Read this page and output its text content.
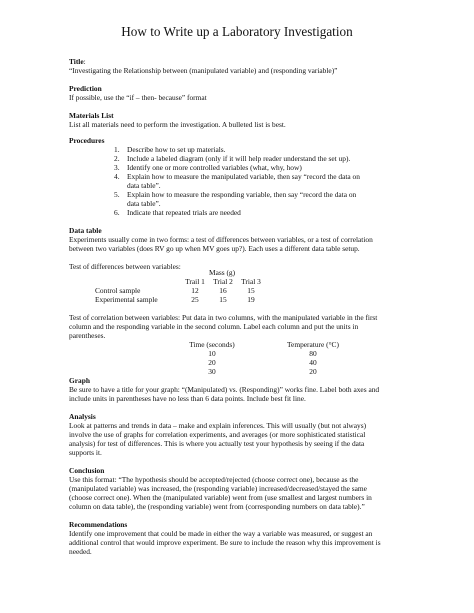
How to Write up a Laboratory Investigation
Title:
“Investigating the Relationship between (manipulated variable) and (responding variable)”
Prediction
If possible, use the “if – then- because” format
Materials List
List all materials need to perform the investigation. A bulleted list is best.
Procedures
1. Describe how to set up materials.
2. Include a labeled diagram (only if it will help reader understand the set up).
3. Identify one or more controlled variables (what, why, how)
4. Explain how to measure the manipulated variable, then say “record the data on
data table”.
5. Explain how to measure the responding variable, then say “record the data on
data table”.
6. Indicate that repeated trials are needed
Data table
Experiments usually come in two forms: a test of differences between variables, or a test of correlation
between two variables (does RV go up when MV goes up?). Each uses a different data table setup.
Test of differences between variables:
Mass (g)
	Trail 1	Trial 2	Trial 3
Control sample	12	16	15
Experimental sample	25	15	19
Test of correlation between variables: Put data in two columns, with the manipulated variable in the first
column and the responding variable in the second column. Label each column and put the units in
parentheses.
Time (seconds)		Temperature (°C)
10		80
20		40
30		20
Graph
Be sure to have a title for your graph: “(Manipulated) vs. (Responding)” works fine. Label both axes and
include units in parentheses have no less than 6 data points. Include best fit line.
Analysis
Look at patterns and trends in data – make and explain inferences. This will usually (but not always)
involve the use of graphs for correlation experiments, and averages (or more sophisticated statistical
analysis) for test of differences. This is where you actually test your hypothesis by seeing if the data
supports it.
Conclusion
Use this format: “The hypothesis should be accepted/rejected (choose correct one), because as the
(manipulated variable) was increased, the (responding variable) increased/decreased/stayed the same
(choose correct one). When the (manipulated variable) went from (use smallest and largest numbers in
column on data table), the (responding variable) went from (corresponding numbers on data table).”
Recommendations
Identify one improvement that could be made in either the way a variable was measured, or suggest an
additional control that would improve experiment. Be sure to include the reason why this improvement is
needed.
